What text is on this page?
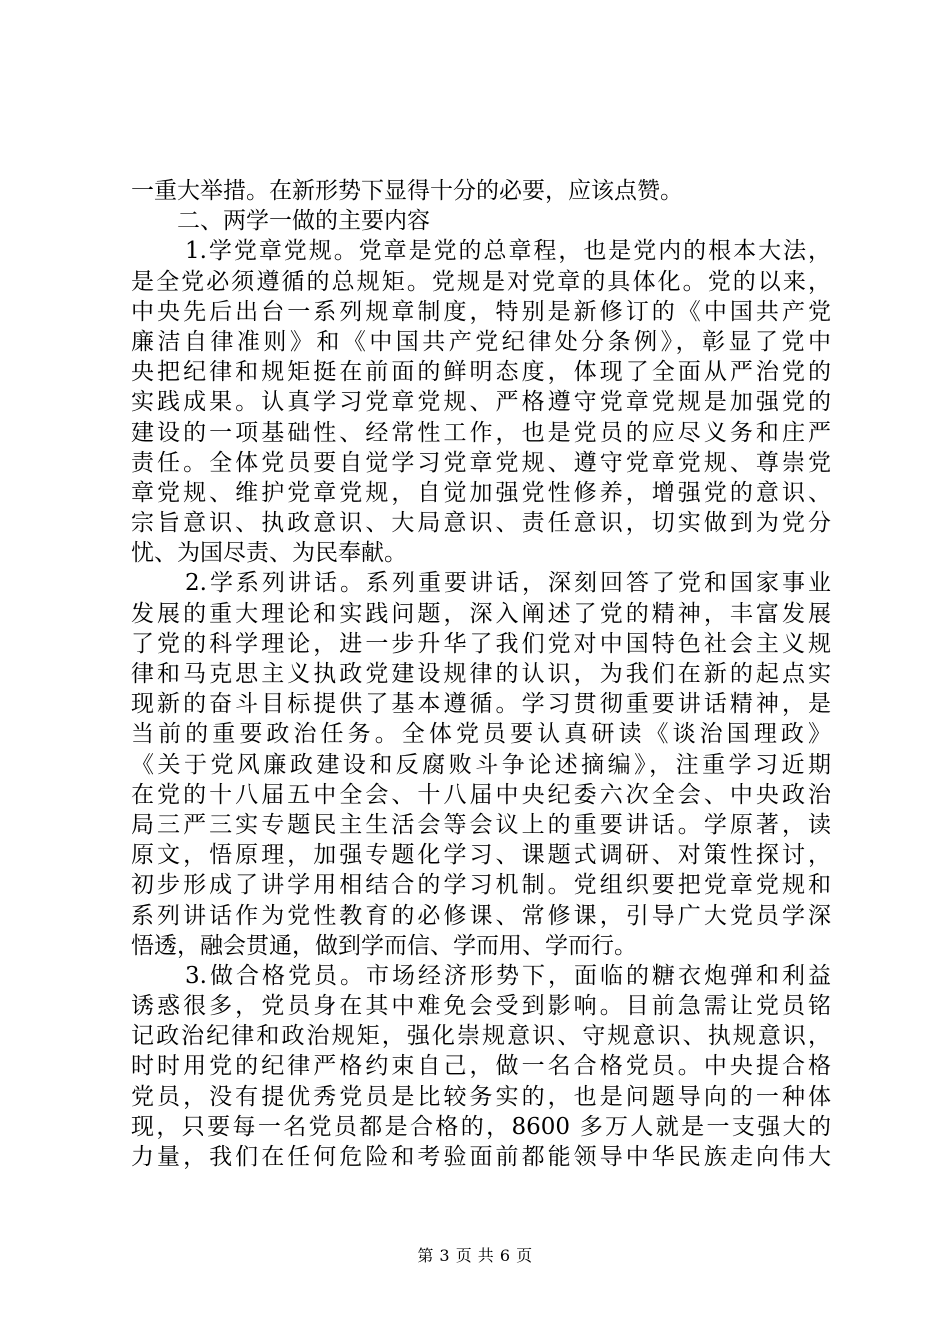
一重大举措。在新形势下显得十分的必要，应该点赞。
二、两学一做的主要内容
1.学党章党规。党章是党的总章程，也是党内的根本大法，
是全党必须遵循的总规矩。党规是对党章的具体化。党的以来，
中央先后出台一系列规章制度，特别是新修订的《中国共产党
廉洁自律准则》和《中国共产党纪律处分条例》，彰显了党中
央把纪律和规矩挺在前面的鲜明态度，体现了全面从严治党的
实践成果。认真学习党章党规、严格遵守党章党规是加强党的
建设的一项基础性、经常性工作，也是党员的应尽义务和庄严
责任。全体党员要自觉学习党章党规、遵守党章党规、尊崇党
章党规、维护党章党规，自觉加强党性修养，增强党的意识、
宗旨意识、执政意识、大局意识、责任意识，切实做到为党分
忧、为国尽责、为民奉献。
2.学系列讲话。系列重要讲话，深刻回答了党和国家事业
发展的重大理论和实践问题，深入阐述了党的精神，丰富发展
了党的科学理论，进一步升华了我们党对中国特色社会主义规
律和马克思主义执政党建设规律的认识，为我们在新的起点实
现新的奋斗目标提供了基本遵循。学习贯彻重要讲话精神，是
当前的重要政治任务。全体党员要认真研读《谈治国理政》
《关于党风廉政建设和反腐败斗争论述摘编》，注重学习近期
在党的十八届五中全会、十八届中央纪委六次全会、中央政治
局三严三实专题民主生活会等会议上的重要讲话。学原著，读
原文，悟原理，加强专题化学习、课题式调研、对策性探讨，
初步形成了讲学用相结合的学习机制。党组织要把党章党规和
系列讲话作为党性教育的必修课、常修课，引导广大党员学深
悟透，融会贯通，做到学而信、学而用、学而行。
3.做合格党员。市场经济形势下，面临的糖衣炮弹和利益
诱惑很多，党员身在其中难免会受到影响。目前急需让党员铭
记政治纪律和政治规矩，强化崇规意识、守规意识、执规意识，
时时用党的纪律严格约束自己，做一名合格党员。中央提合格
党员，没有提优秀党员是比较务实的，也是问题导向的一种体
现，只要每一名党员都是合格的，8600 多万人就是一支强大的
力量，我们在任何危险和考验面前都能领导中华民族走向伟大
第 3 页 共 6 页
